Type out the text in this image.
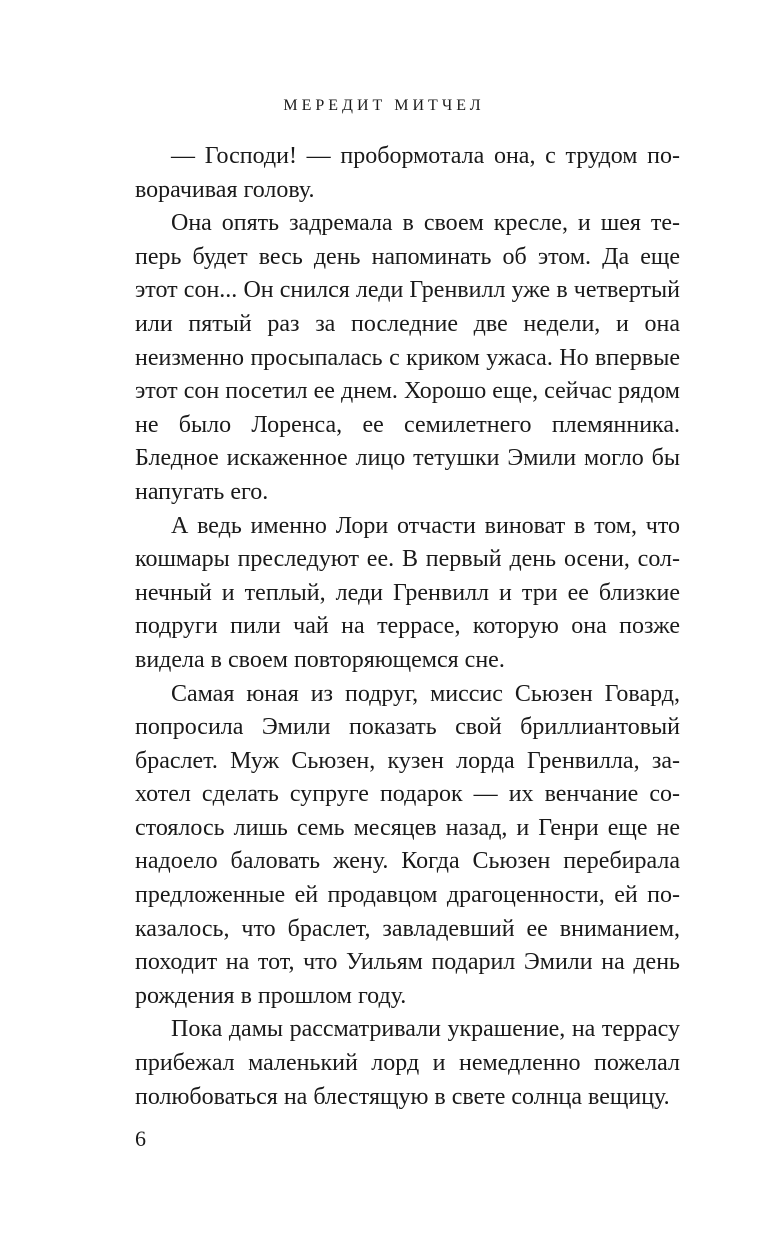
МЕРЕДИТ МИТЧЕЛ

— Господи! — пробормотала она, с трудом поворачивая голову.

Она опять задремала в своем кресле, и шея теперь будет весь день напоминать об этом. Да еще этот сон... Он снился леди Гренвилл уже в четвертый или пятый раз за последние две недели, и она неизменно просыпалась с криком ужаса. Но впервые этот сон посетил ее днем. Хорошо еще, сейчас рядом не было Лоренса, ее семилетнего племянника. Бледное искаженное лицо тетушки Эмили могло бы напугать его.

А ведь именно Лори отчасти виноват в том, что кошмары преследуют ее. В первый день осени, солнечный и теплый, леди Гренвилл и три ее близкие подруги пили чай на террасе, которую она позже видела в своем повторяющемся сне.

Самая юная из подруг, миссис Сьюзен Говард, попросила Эмили показать свой бриллиантовый браслет. Муж Сьюзен, кузен лорда Гренвилла, захотел сделать супруге подарок — их венчание состоялось лишь семь месяцев назад, и Генри еще не надоело баловать жену. Когда Сьюзен перебирала предложенные ей продавцом драгоценности, ей показалось, что браслет, завладевший ее вниманием, походит на тот, что Уильям подарил Эмили на день рождения в прошлом году.

Пока дамы рассматривали украшение, на террасу прибежал маленький лорд и немедленно пожелал полюбоваться на блестящую в свете солнца вещицу.

6
